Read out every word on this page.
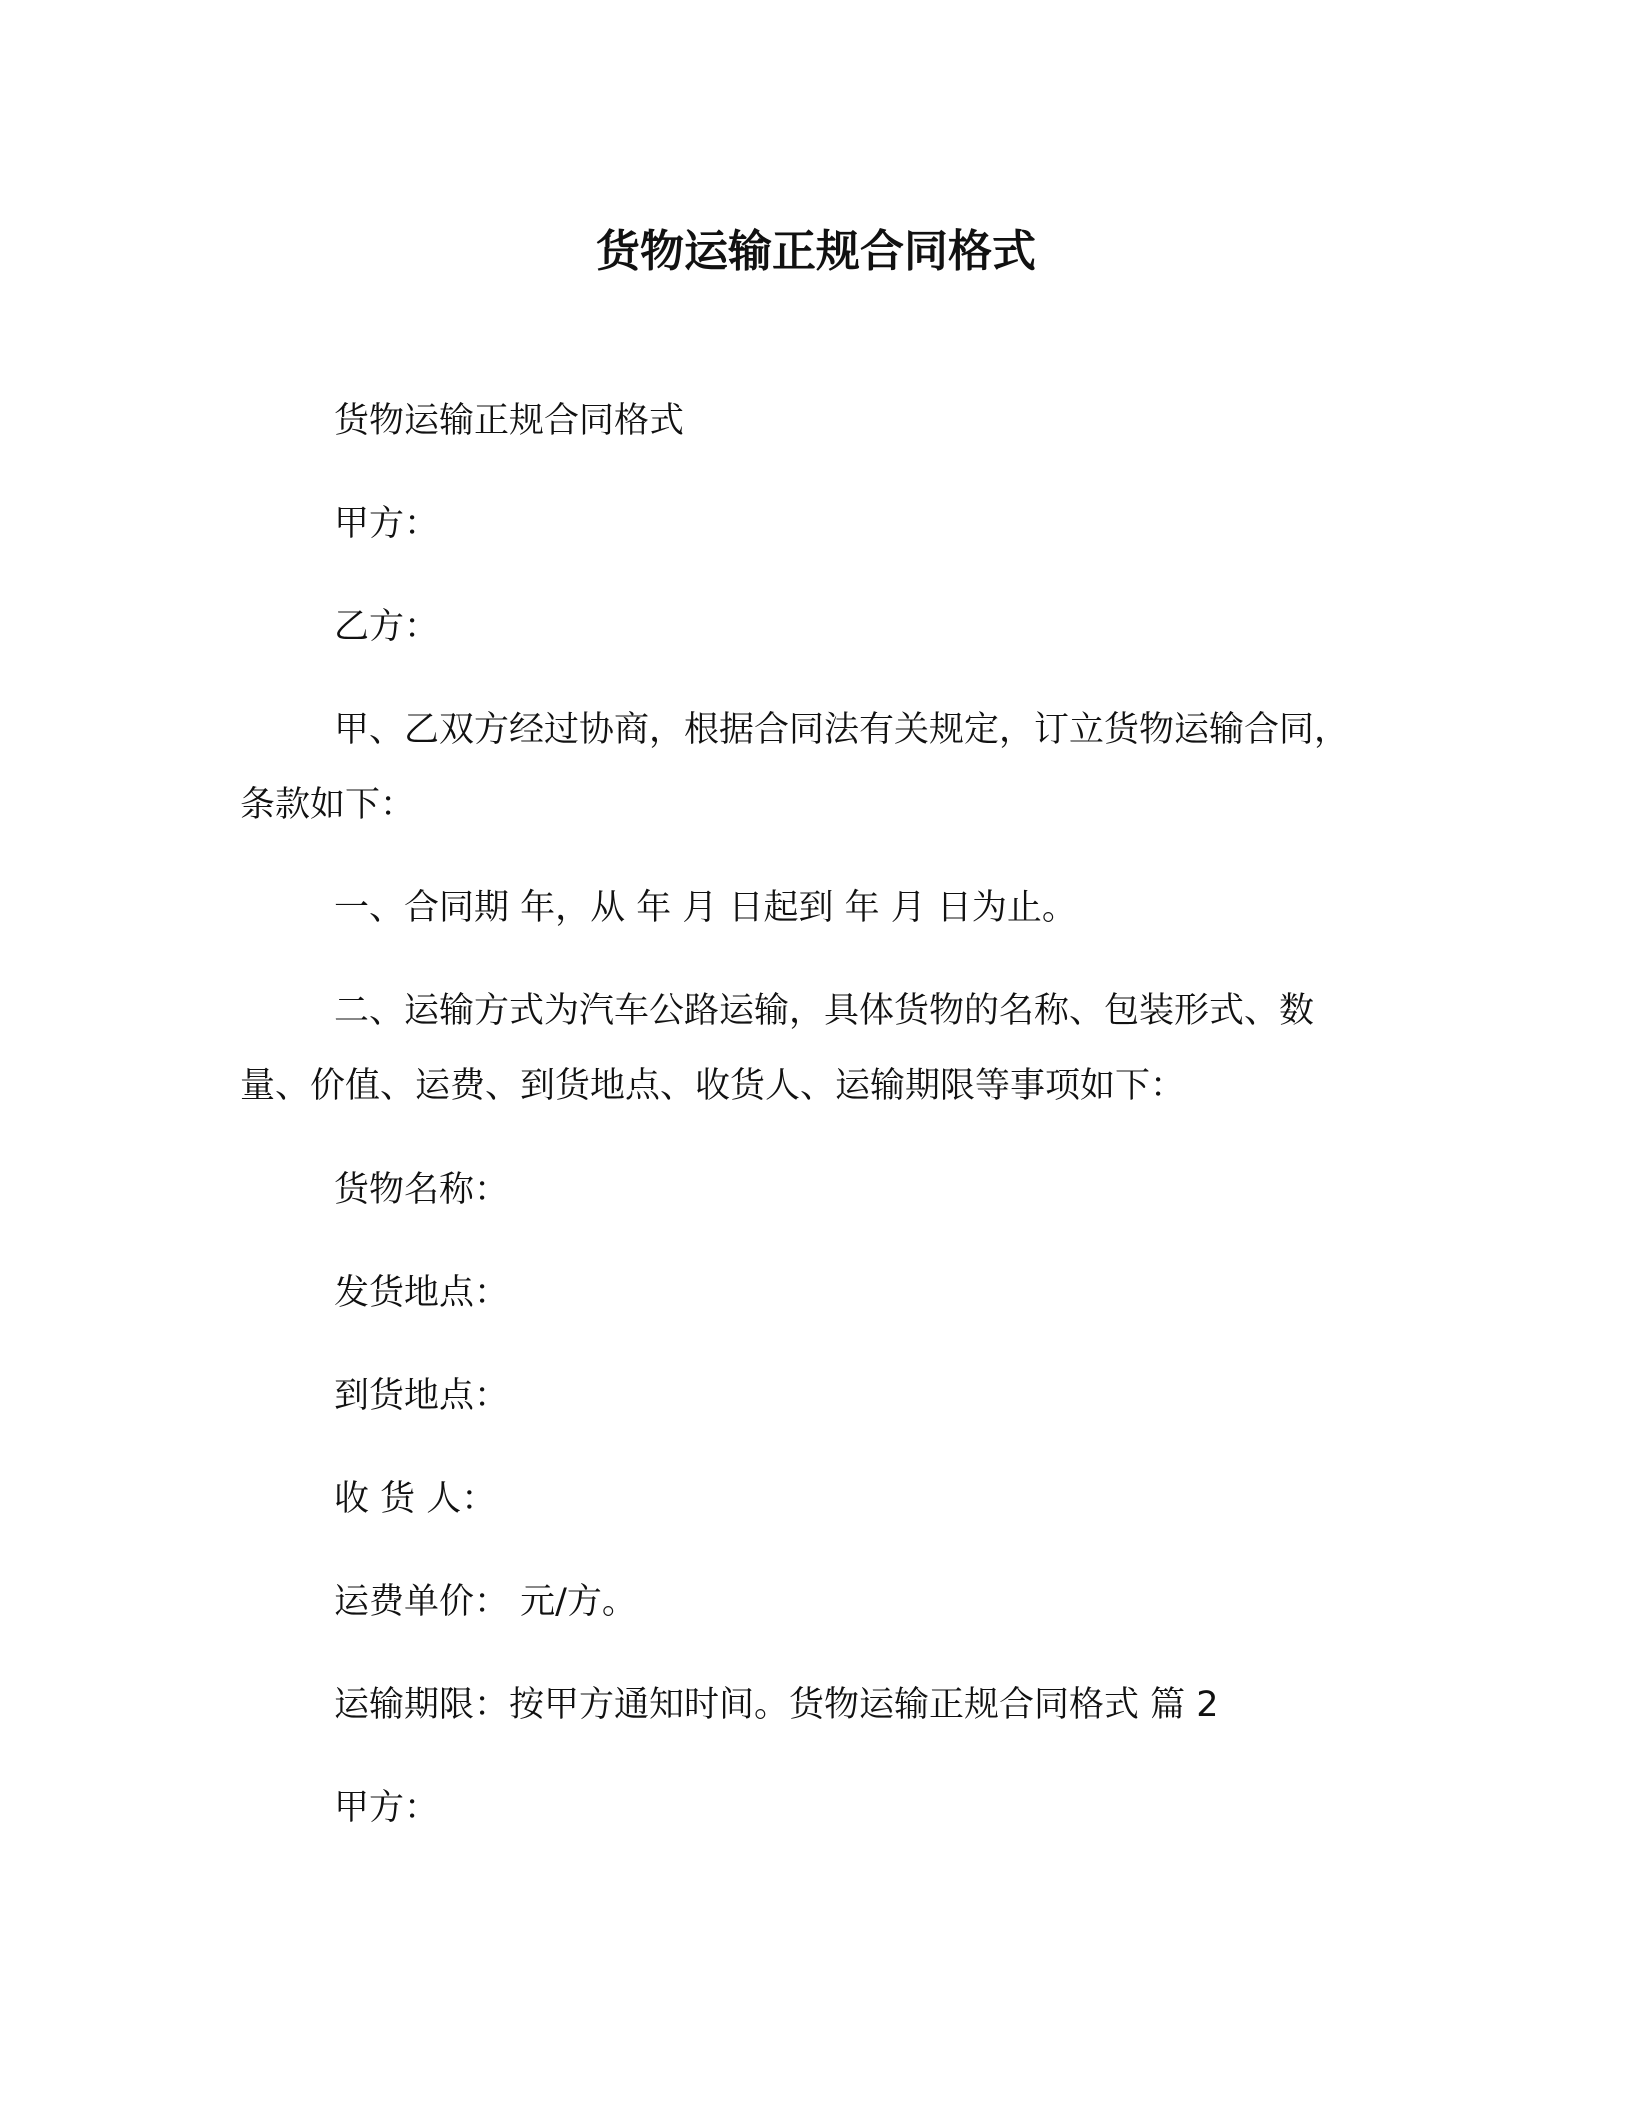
货物运输正规合同格式
货物运输正规合同格式
甲方：
乙方：
甲、乙双方经过协商，根据合同法有关规定，订立货物运输合同，
条款如下：
一、合同期 年，从 年 月 日起到 年 月 日为止。
二、运输方式为汽车公路运输，具体货物的名称、包装形式、数
量、价值、运费、到货地点、收货人、运输期限等事项如下：
货物名称：
发货地点：
到货地点：
收 货 人：
运费单价： 元/方。
运输期限：按甲方通知时间。货物运输正规合同格式 篇 2
甲方：
